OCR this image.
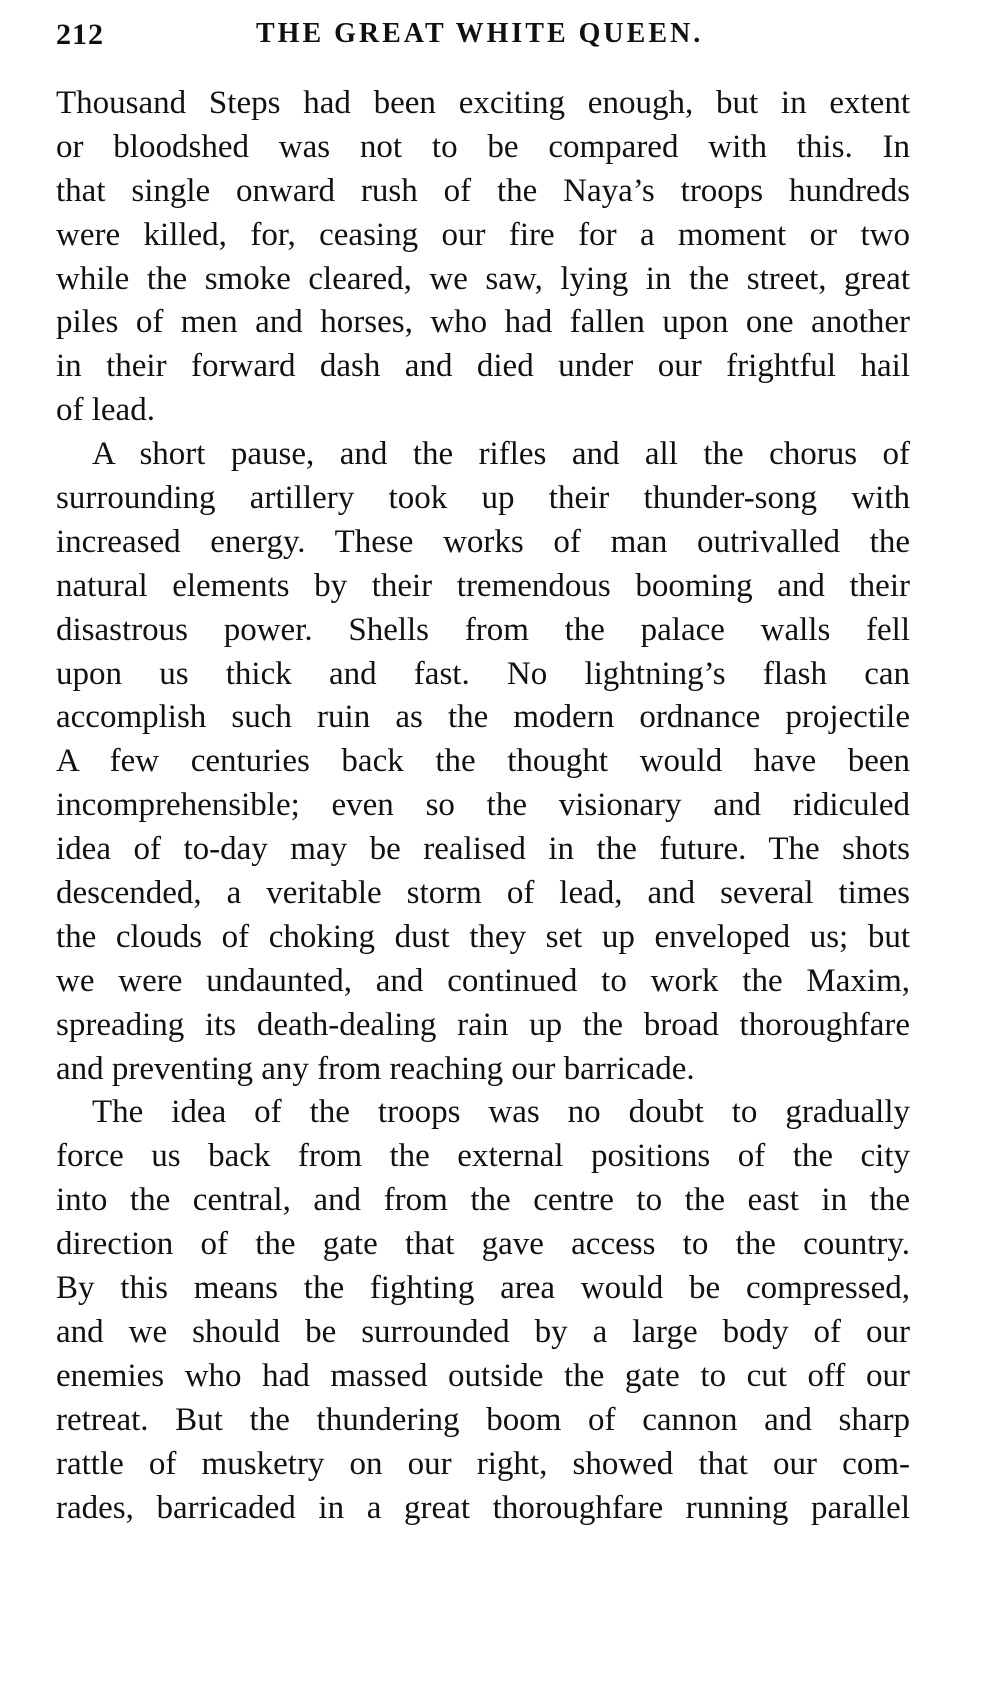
212	THE GREAT WHITE QUEEN.
Thousand Steps had been exciting enough, but in extent
or bloodshed was not to be compared with this. In
that single onward rush of the Naya’s troops hundreds
were killed, for, ceasing our fire for a moment or two
while the smoke cleared, we saw, lying in the street, great
piles of men and horses, who had fallen upon one another
in their forward dash and died under our frightful hail
of lead.
A short pause, and the rifles and all the chorus of
surrounding artillery took up their thunder-song with
increased energy. These works of man outrivalled the
natural elements by their tremendous booming and their
disastrous power. Shells from the palace walls fell
upon us thick and fast. No lightning’s flash can
accomplish such ruin as the modern ordnance projectile
A few centuries back the thought would have been
incomprehensible; even so the visionary and ridiculed
idea of to-day may be realised in the future. The shots
descended, a veritable storm of lead, and several times
the clouds of choking dust they set up enveloped us; but
we were undaunted, and continued to work the Maxim,
spreading its death-dealing rain up the broad thoroughfare
and preventing any from reaching our barricade.
The idea of the troops was no doubt to gradually
force us back from the external positions of the city
into the central, and from the centre to the east in the
direction of the gate that gave access to the country.
By this means the fighting area would be compressed,
and we should be surrounded by a large body of our
enemies who had massed outside the gate to cut off our
retreat. But the thundering boom of cannon and sharp
rattle of musketry on our right, showed that our com-
rades, barricaded in a great thoroughfare running parallel
